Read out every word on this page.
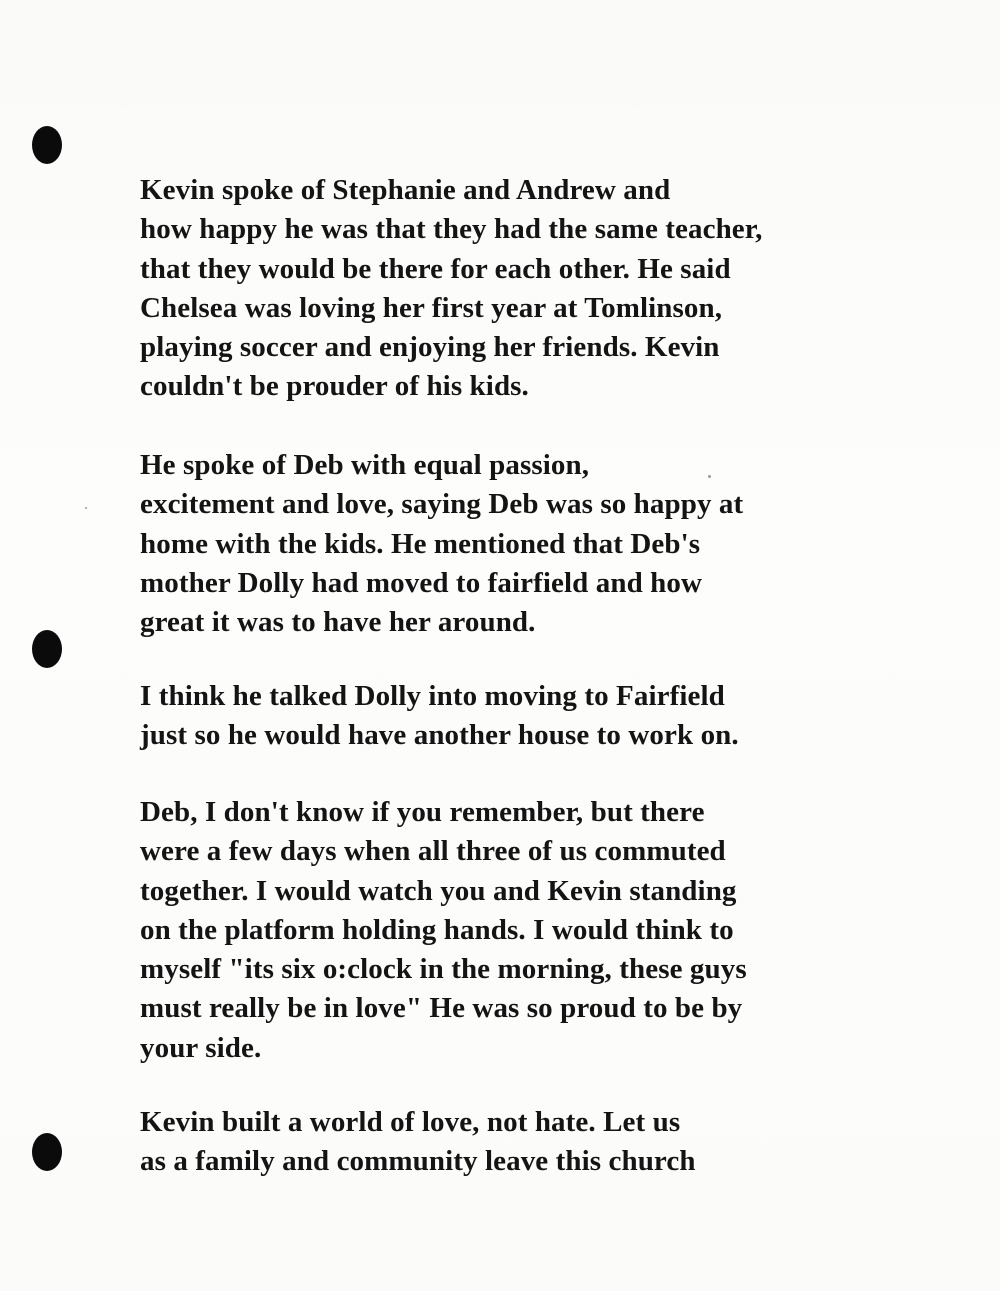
Kevin spoke of Stephanie and Andrew and
how happy he was that they had the same teacher,
that they would be there for each other. He said
Chelsea was loving her first year at Tomlinson,
playing soccer and enjoying her friends. Kevin
couldn't be prouder of his kids.

He spoke of Deb with equal passion,
excitement and love, saying Deb was so happy at
home with the kids. He mentioned that Deb's
mother Dolly had moved to fairfield and how
great it was to have her around.

I think he talked Dolly into moving to Fairfield
just so he would have another house to work on.

Deb, I don't know if you remember, but there
were a few days when all three of us commuted
together. I would watch you and Kevin standing
on the platform holding hands. I would think to
myself "its six o:clock in the morning, these guys
must really be in love" He was so proud to be by
your side.

Kevin built a world of love, not hate. Let us
as a family and community leave this church
